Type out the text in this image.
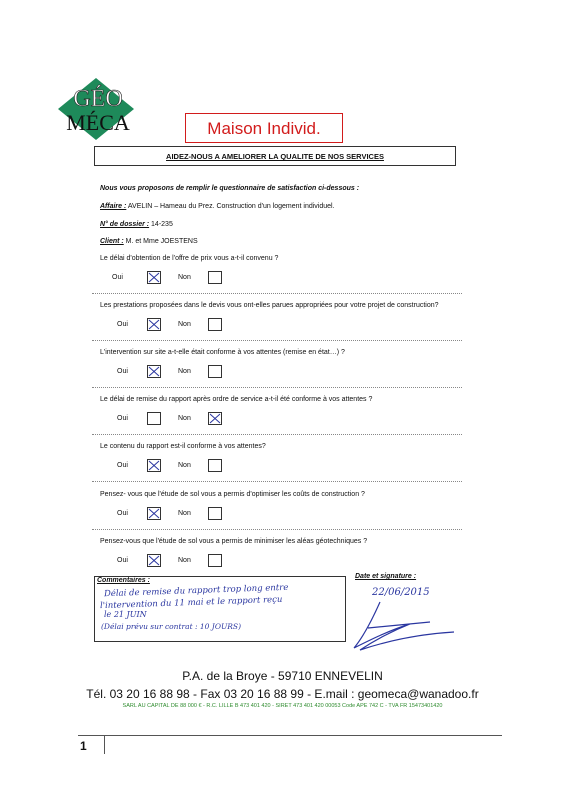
GÉO
MÉCA	Maison Individ.
AIDEZ-NOUS A AMELIORER LA QUALITE DE NOS SERVICES
Nous vous proposons de remplir le questionnaire de satisfaction ci-dessous :
Affaire : AVELIN – Hameau du Prez. Construction d'un logement individuel.
N° de dossier : 14-235
Client : M. et Mme JOESTENS
Le délai d'obtention de l'offre de prix vous a-t-il convenu ?
Oui	Non
Les prestations proposées dans le devis vous ont-elles parues appropriées pour votre projet de construction?
Oui	Non
L'intervention sur site a-t-elle était conforme à vos attentes (remise en état…) ?
Oui	Non
Le délai de remise du rapport après ordre de service a-t-il été conforme à vos attentes ?
Oui	Non
Le contenu du rapport est-il conforme à vos attentes?
Oui	Non
Pensez- vous que l'étude de sol vous a permis d'optimiser les coûts de construction ?
Oui	Non
Pensez-vous que l'étude de sol vous a permis de minimiser les aléas géotechniques ?
Oui	Non
Commentaires :
Délai de remise du rapport trop long entre
l'intervention du 11 mai et le rapport reçu
le 21 JUIN
(Délai prévu sur contrat : 10 JOURS)
Date et signature :
22/06/2015
P.A. de la Broye - 59710 ENNEVELIN
Tél. 03 20 16 88 98 - Fax 03 20 16 88 99 - E.mail : geomeca@wanadoo.fr
SARL AU CAPITAL DE 88 000 € - R.C. LILLE B 473 401 420 - SIRET 473 401 420 00053 Code APE 742 C - TVA FR 15473401420
1
